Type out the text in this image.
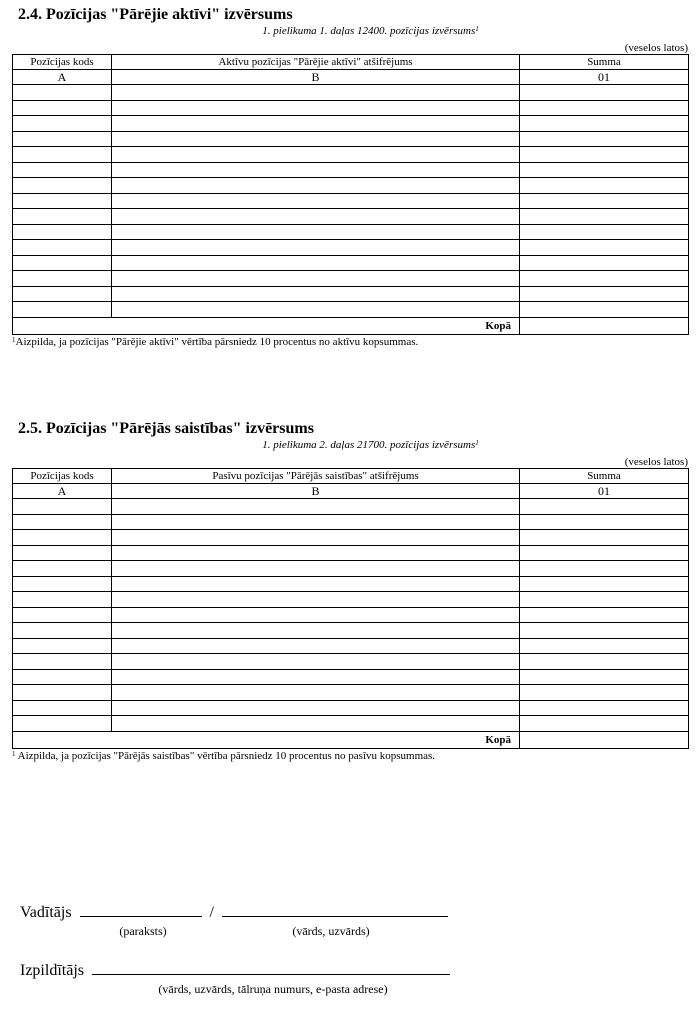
2.4. Pozīcijas "Pārējie aktīvi" izvērsums
1. pielikuma 1. daļas 12400. pozīcijas izvērsums$^1$
(veselos latos)
Pozīcijas kods	Aktīvu pozīcijas "Pārējie aktīvi" atšifrējums	Summa
A	B	01

Kopā		
$^1$Aizpilda, ja pozīcijas "Pārējie aktīvi" vērtība pārsniedz 10 procentus no aktīvu kopsummas.
2.5. Pozīcijas "Pārējās saistības" izvērsums
1. pielikuma 2. daļas 21700. pozīcijas izvērsums$^1$
(veselos latos)
Pozīcijas kods	Pasīvu pozīcijas "Pārējās saistības" atšifrējums	Summa
A	B	01

Kopā		
$^1$ Aizpilda, ja pozīcijas "Pārējās saistības" vērtība pārsniedz 10 procentus no pasīvu kopsummas.
Vadītājs	/
(paraksts)	(vārds, uzvārds)
Izpildītājs
(vārds, uzvārds, tālruņa numurs, e-pasta adrese)
